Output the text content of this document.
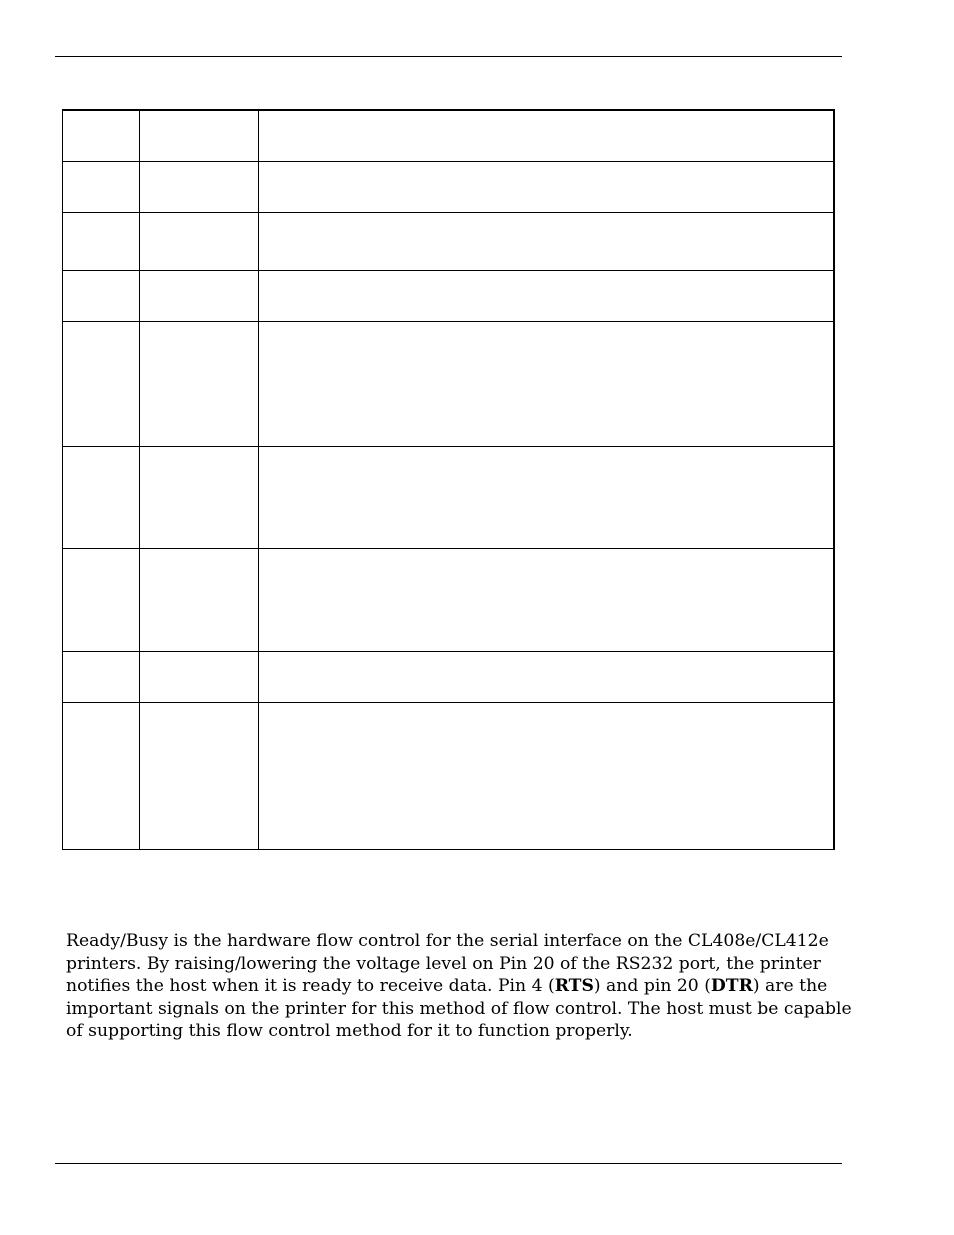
Ready/Busy is the hardware flow control for the serial interface on the CL408e/CL412e
printers. By raising/lowering the voltage level on Pin 20 of the RS232 port, the printer
notifies the host when it is ready to receive data. Pin 4 (RTS) and pin 20 (DTR) are the
important signals on the printer for this method of flow control. The host must be capable
of supporting this flow control method for it to function properly.
